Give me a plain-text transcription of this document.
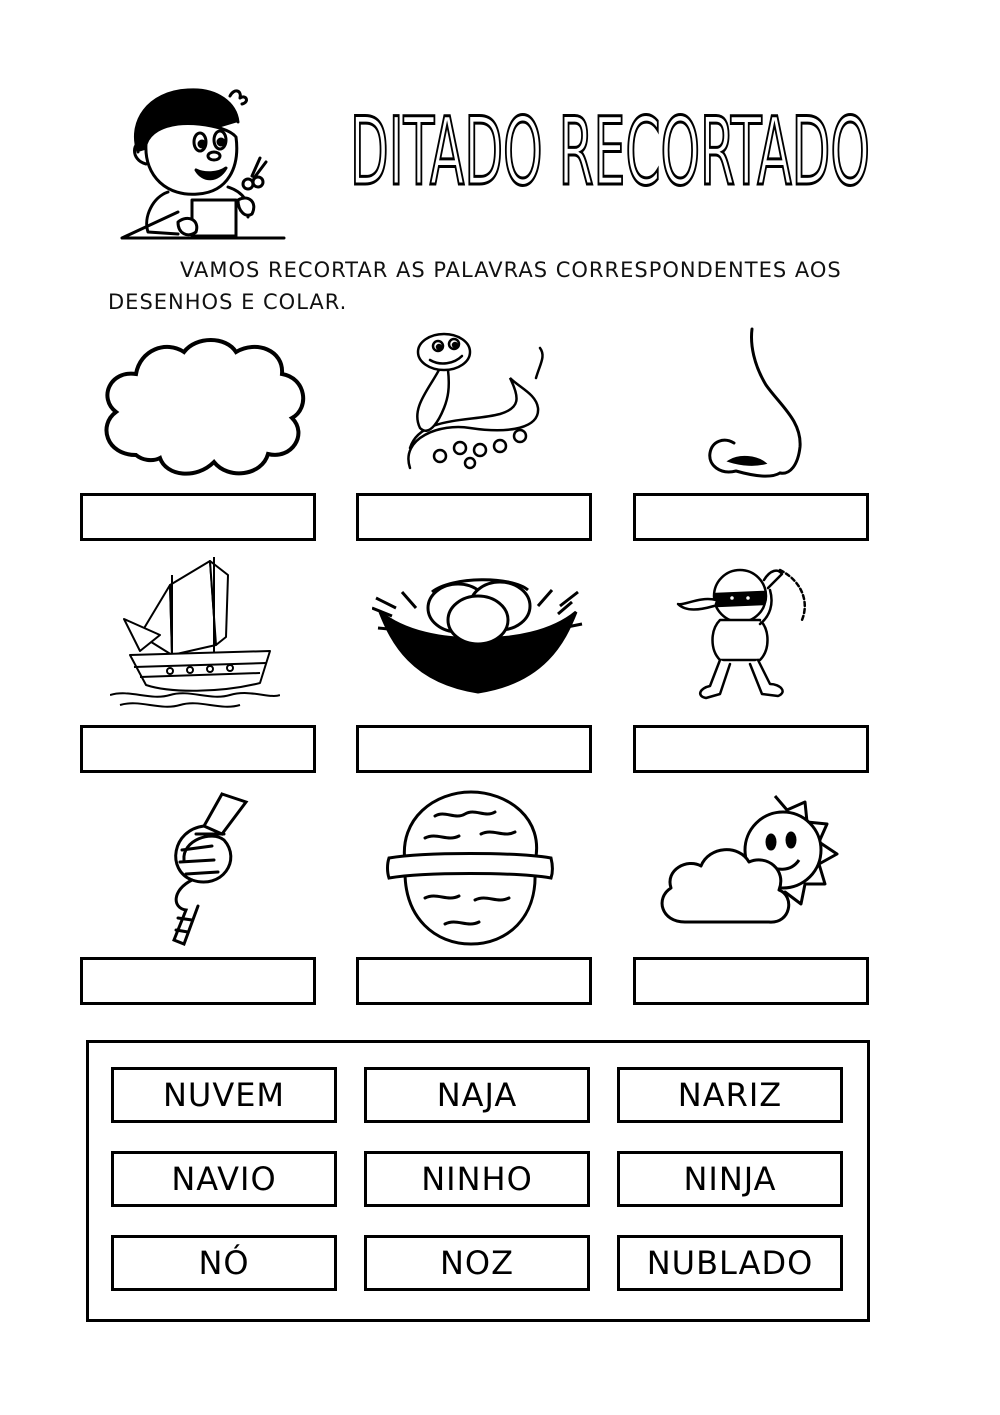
DITADO RECORTADO
VAMOS RECORTAR AS PALAVRAS CORRESPONDENTES AOS
DESENHOS E COLAR.
NUVEM	NAJA	NARIZ
NAVIO	NINHO	NINJA
NÓ	NOZ	NUBLADO
